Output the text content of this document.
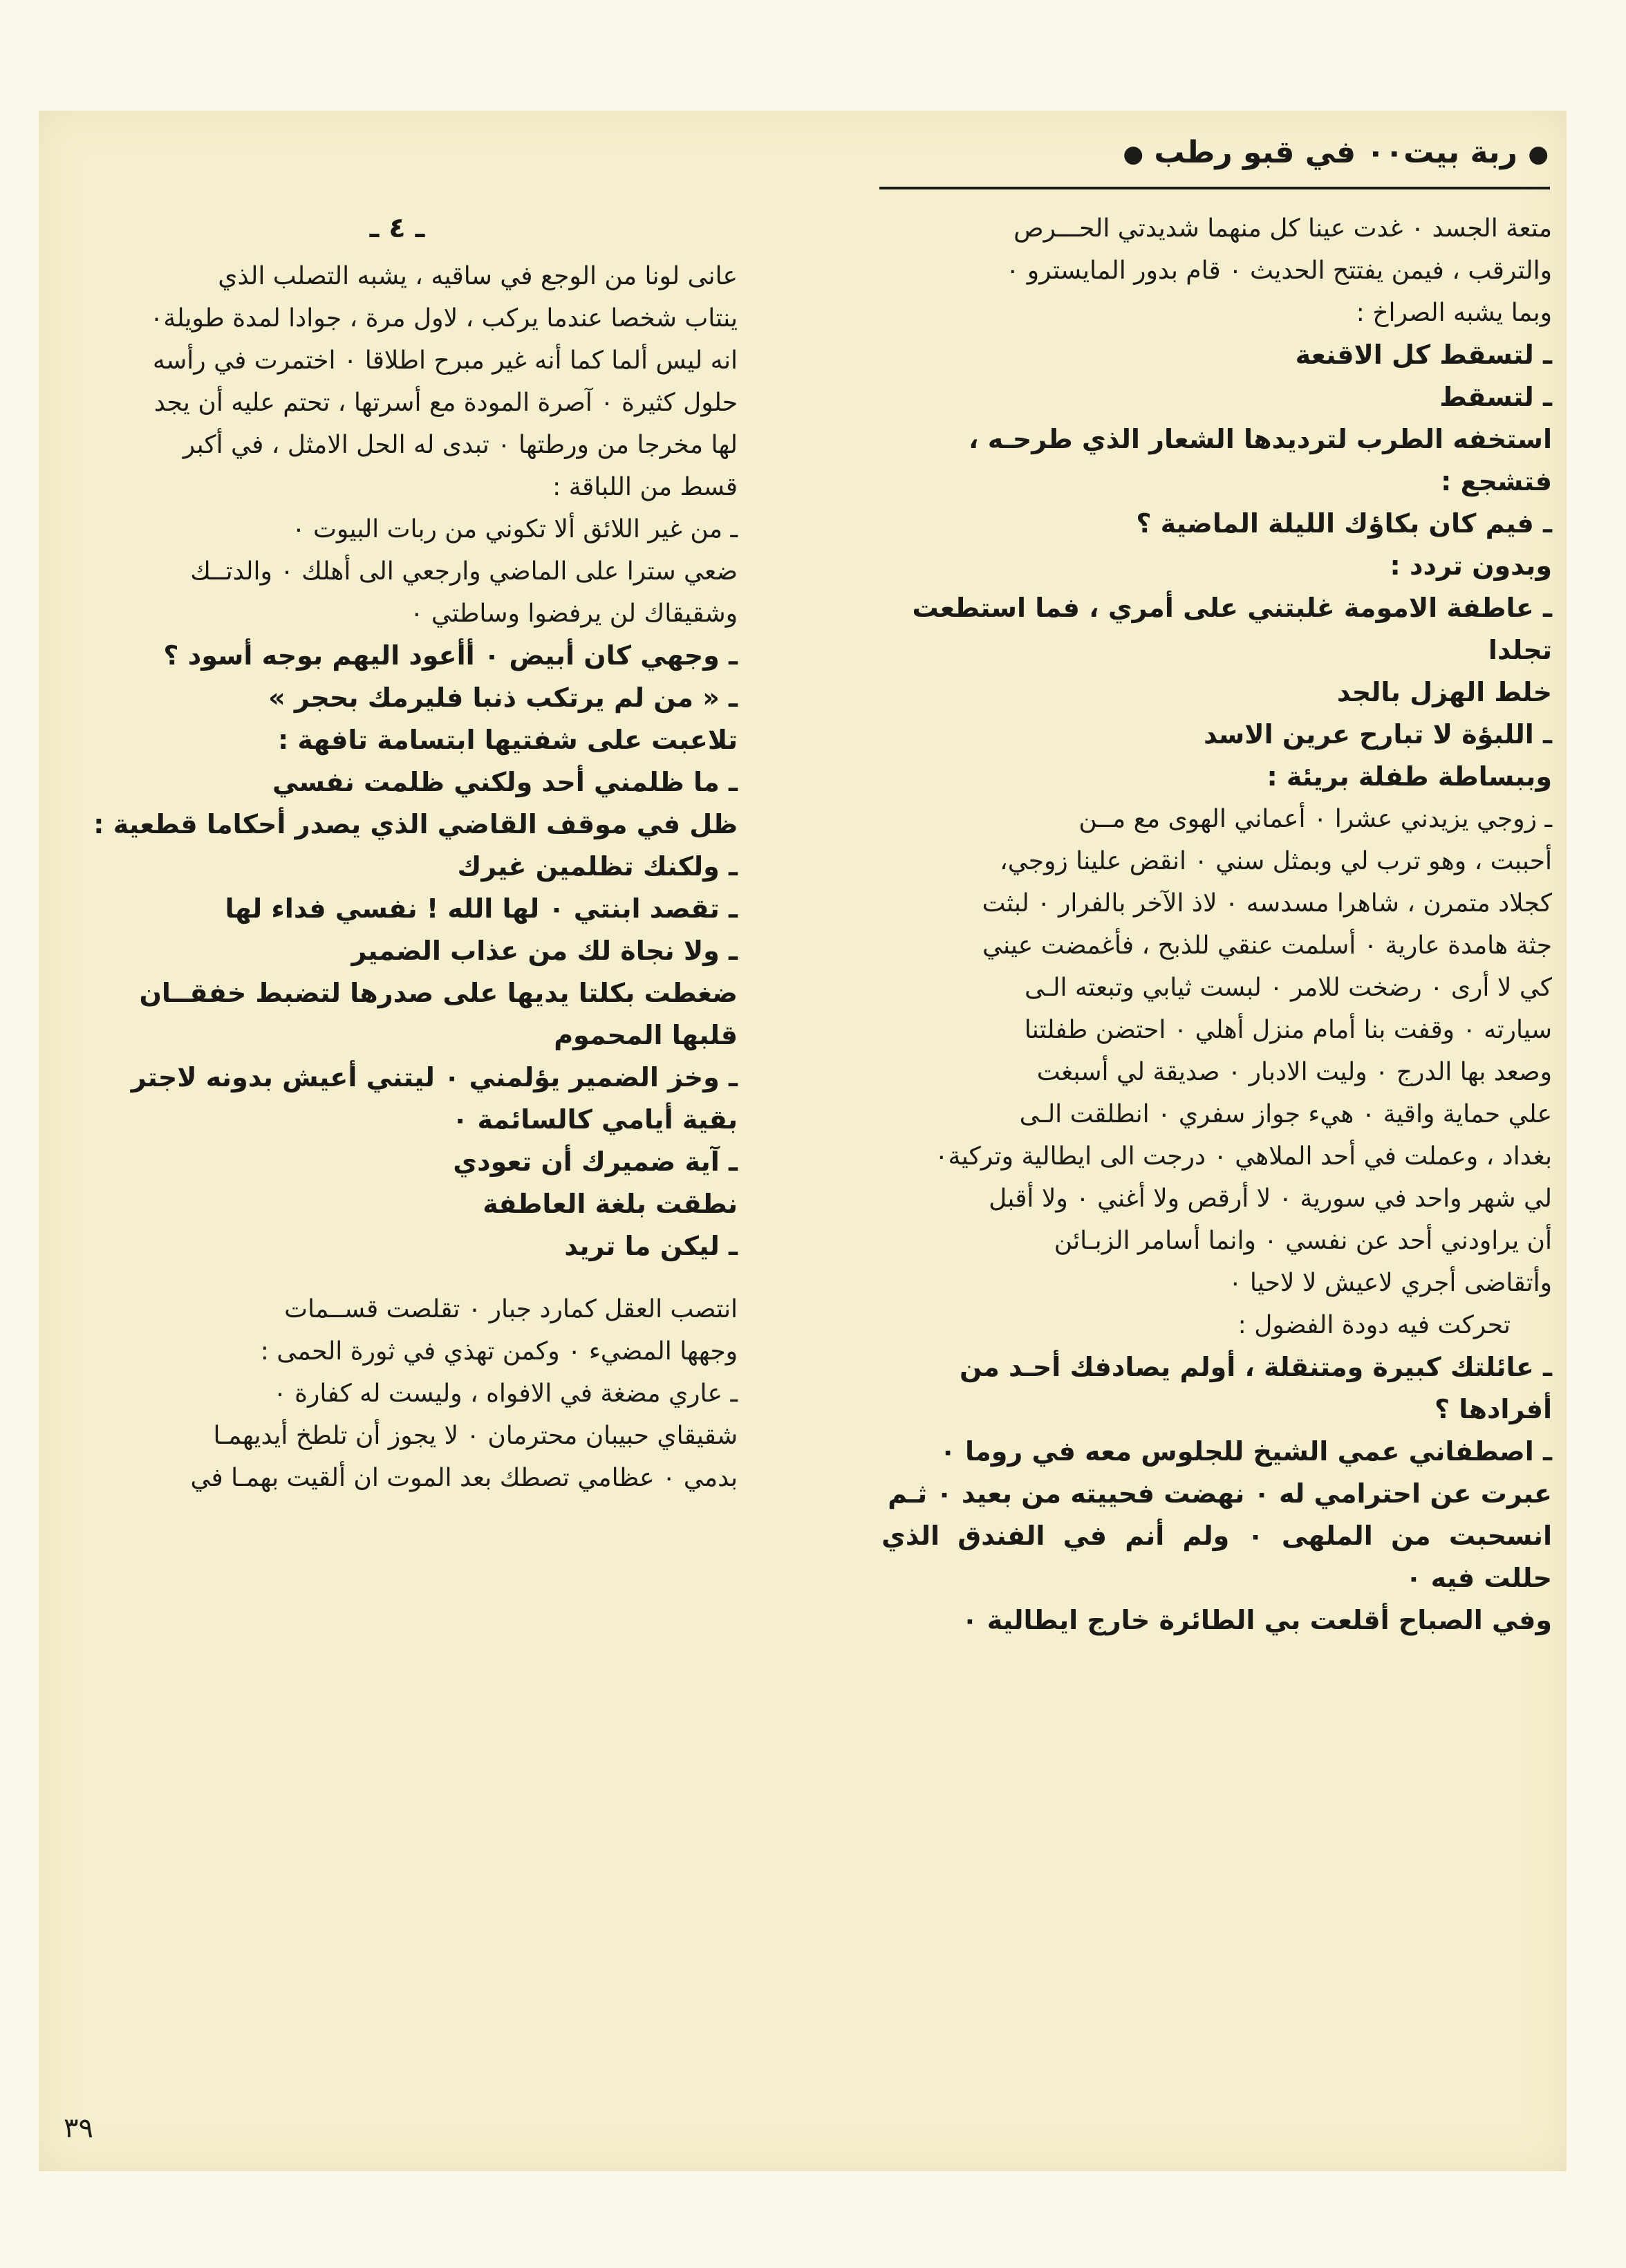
● ربة بيت٠٠ في قبو رطب ●

متعة الجسد ٠ غدت عينا كل منهما شديدتي الحـــرص

والترقب ، فيمن يفتتح الحديث ٠ قام بدور المايسترو ٠

وبما يشبه الصراخ :

ـ لتسقط كل الاقنعة

ـ لتسقط

استخفه الطرب لترديدها الشعار الذي طرحـه ،

فتشجع :

ـ فيم كان بكاؤك الليلة الماضية ؟

وبدون تردد :

ـ عاطفة الامومة غلبتني على أمري ، فما استطعت

تجلدا

خلط الهزل بالجد

ـ اللبؤة لا تبارح عرين الاسد

وببساطة طفلة بريئة :

ـ زوجي يزيدني عشرا ٠ أعماني الهوى مع مــن

أحببت ، وهو ترب لي وبمثل سني ٠ انقض علينا زوجي،

كجلاد متمرن ، شاهرا مسدسه ٠ لاذ الآخر بالفرار ٠ لبثت

جثة هامدة عارية ٠ أسلمت عنقي للذبح ، فأغمضت عيني

كي لا أرى ٠ رضخت للامر ٠ لبست ثيابي وتبعته الـى

سيارته ٠ وقفت بنا أمام منزل أهلي ٠ احتضن طفلتنا

وصعد بها الدرج ٠ وليت الادبار ٠ صديقة لي أسبغت

علي حماية واقية ٠ هيء جواز سفري ٠ انطلقت الـى

بغداد ، وعملت في أحد الملاهي ٠ درجت الى ايطالية وتركية٠

لي شهر واحد في سورية ٠ لا أرقص ولا أغني ٠ ولا أقبل

أن يراودني أحد عن نفسي ٠ وانما أسامر الزبـائن

وأتقاضى أجري لاعيش لا لاحيا ٠

تحركت فيه دودة الفضول :

ـ عائلتك كبيرة ومتنقلة ، أولم يصادفك أحـد من

أفرادها ؟

ـ اصطفاني عمي الشيخ للجلوس معه في روما ٠

عبرت عن احترامي له ٠ نهضت فحييته من بعيد ٠ ثـم

انسحبت من الملهى ٠ ولم أنم في الفندق الذي حللت فيه ٠

وفي الصباح أقلعت بي الطائرة خارج ايطالية ٠

ـ ٤ ـ

عانى لونا من الوجع في ساقيه ، يشبه التصلب الذي

ينتاب شخصا عندما يركب ، لاول مرة ، جوادا لمدة طويلة٠

انه ليس ألما كما أنه غير مبرح اطلاقا ٠ اختمرت في رأسه

حلول كثيرة ٠ آصرة المودة مع أسرتها ، تحتم عليه أن يجد

لها مخرجا من ورطتها ٠ تبدى له الحل الامثل ، في أكبر

قسط من اللباقة :

ـ من غير اللائق ألا تكوني من ربات البيوت ٠

ضعي سترا على الماضي وارجعي الى أهلك ٠ والدتــك

وشقيقاك لن يرفضوا وساطتي ٠

ـ وجهي كان أبيض ٠ أأعود اليهم بوجه أسود ؟

ـ « من لم يرتكب ذنبا فليرمك بحجر »

تلاعبت على شفتيها ابتسامة تافهة :

ـ ما ظلمني أحد ولكني ظلمت نفسي

ظل في موقف القاضي الذي يصدر أحكاما قطعية :

ـ ولكنك تظلمين غيرك

ـ تقصد ابنتي ٠ لها الله ! نفسي فداء لها

ـ ولا نجاة لك من عذاب الضمير

ضغطت بكلتا يديها على صدرها لتضبط خفقــان

قلبها المحموم

ـ وخز الضمير يؤلمني ٠ ليتني أعيش بدونه لاجتر

بقية أيامي كالسائمة ٠

ـ آية ضميرك أن تعودي

نطقت بلغة العاطفة

ـ ليكن ما تريد

انتصب العقل كمارد جبار ٠ تقلصت قســمات

وجهها المضيء ٠ وكمن تهذي في ثورة الحمى :

ـ عاري مضغة في الافواه ، وليست له كفارة ٠

شقيقاي حبيبان محترمان ٠ لا يجوز أن تلطخ أيديهمـا

بدمي ٠ عظامي تصطك بعد الموت ان ألقيت بهمـا في

٣٩
